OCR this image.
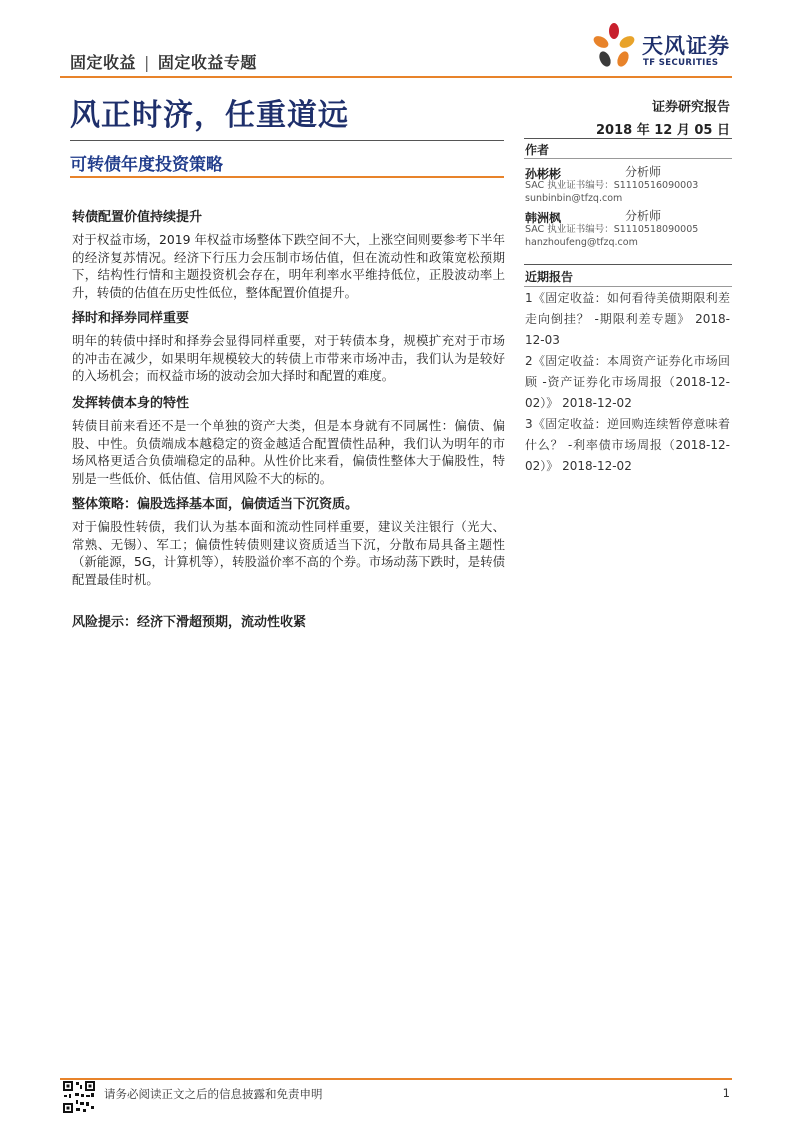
固定收益 | 固定收益专题
天风证券
TF SECURITIES
风正时济，任重道远	证券研究报告
2018 年 12 月 05 日
可转债年度投资策略
转债配置价值持续提升
对于权益市场，2019 年权益市场整体下跌空间不大，上涨空间则要参考下半年的经济复苏情况。经济下行压力会压制市场估值，但在流动性和政策宽松预期下，结构性行情和主题投资机会存在，明年利率水平维持低位，正股波动率上升，转债的估值在历史性低位，整体配置价值提升。
择时和择券同样重要
明年的转债中择时和择券会显得同样重要，对于转债本身，规模扩充对于市场的冲击在减少，如果明年规模较大的转债上市带来市场冲击，我们认为是较好的入场机会；而权益市场的波动会加大择时和配置的难度。
发挥转债本身的特性
转债目前来看还不是一个单独的资产大类，但是本身就有不同属性：偏债、偏股、中性。负债端成本越稳定的资金越适合配置债性品种，我们认为明年的市场风格更适合负债端稳定的品种。从性价比来看，偏债性整体大于偏股性，特别是一些低价、低估值、信用风险不大的标的。
整体策略：偏股选择基本面，偏债适当下沉资质。
对于偏股性转债，我们认为基本面和流动性同样重要，建议关注银行（光大、常熟、无锡）、军工；偏债性转债则建议资质适当下沉，分散布局具备主题性（新能源，5G，计算机等），转股溢价率不高的个券。市场动荡下跌时，是转债配置最佳时机。
风险提示：经济下滑超预期，流动性收紧
作者
孙彬彬	分析师
SAC 执业证书编号：S1110516090003
sunbinbin@tfzq.com
韩洲枫	分析师
SAC 执业证书编号：S1110518090005
hanzhoufeng@tfzq.com
近期报告
1《固定收益：如何看待美债期限利差走向倒挂？ -期限利差专题》 2018-12-03
2《固定收益：本周资产证券化市场回顾 -资产证券化市场周报（2018-12-02）》 2018-12-02
3《固定收益：逆回购连续暂停意味着什么？ -利率债市场周报（2018-12-02）》 2018-12-02
请务必阅读正文之后的信息披露和免责申明	1
